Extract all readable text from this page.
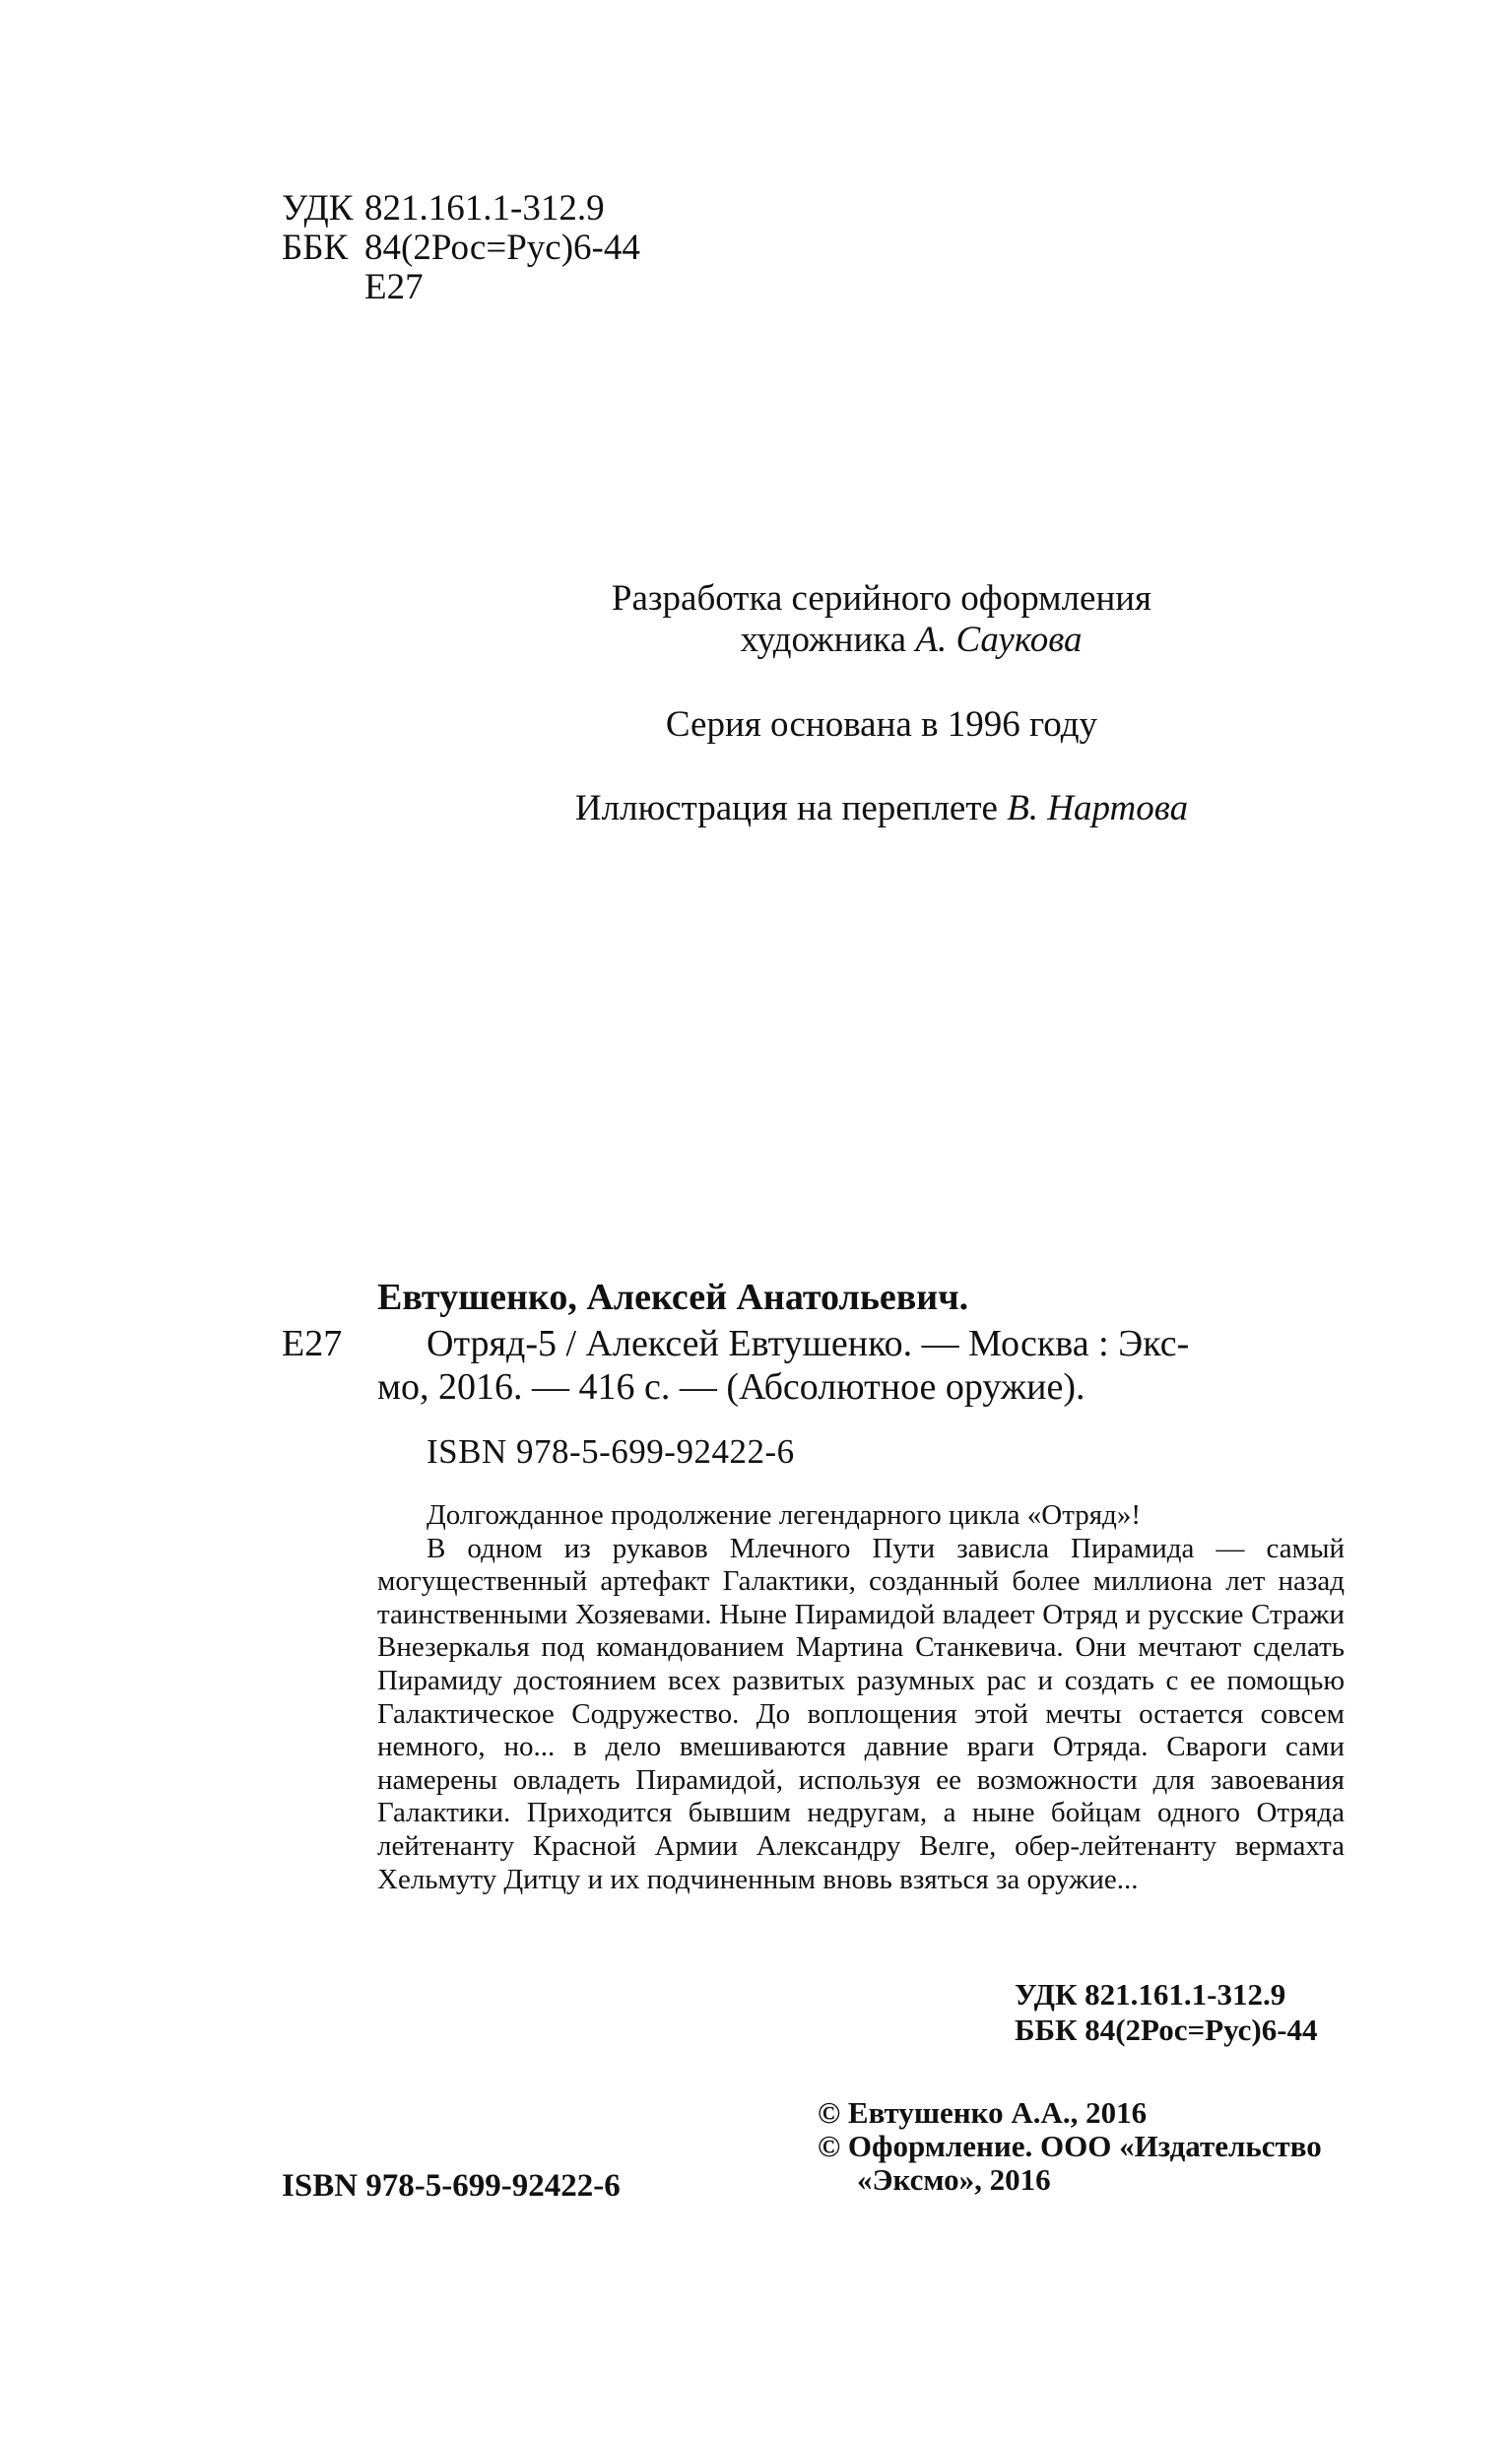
УДК 821.161.1-312.9
ББК 84(2Рос=Рус)6-44
Е27
Разработка серийного оформления
художника А. Саукова
Серия основана в 1996 году
Иллюстрация на переплете В. Нартова
Евтушенко, Алексей Анатольевич.
Е27	Отряд-5 / Алексей Евтушенко. — Москва : Экс-
мо, 2016. — 416 с. — (Абсолютное оружие).
ISBN 978-5-699-92422-6

Долгожданное продолжение легендарного цикла «Отряд»!

В одном из рукавов Млечного Пути зависла Пирамида — самый могущественный артефакт Галактики, созданный более миллиона лет назад таинственными Хозяевами. Ныне Пирамидой владеет Отряд и русские Стражи Внезеркалья под командованием Мартина Станкевича. Они мечтают сделать Пирамиду достоянием всех развитых разумных рас и создать с ее помощью Галактическое Содружество. До воплощения этой мечты остается совсем немного, но... в дело вмешиваются давние враги Отряда. Свароги сами намерены овладеть Пирамидой, используя ее возможности для завоевания Галактики. Приходится бывшим недругам, а ныне бойцам одного Отряда лейтенанту Красной Армии Александру Велге, обер-лейтенанту вермахта Хельмуту Дитцу и их подчиненным вновь взяться за оружие...

УДК 821.161.1-312.9
ББК 84(2Рос=Рус)6-44
© Евтушенко А.А., 2016
© Оформление. ООО «Издательство
«Эксмо», 2016
ISBN 978-5-699-92422-6
